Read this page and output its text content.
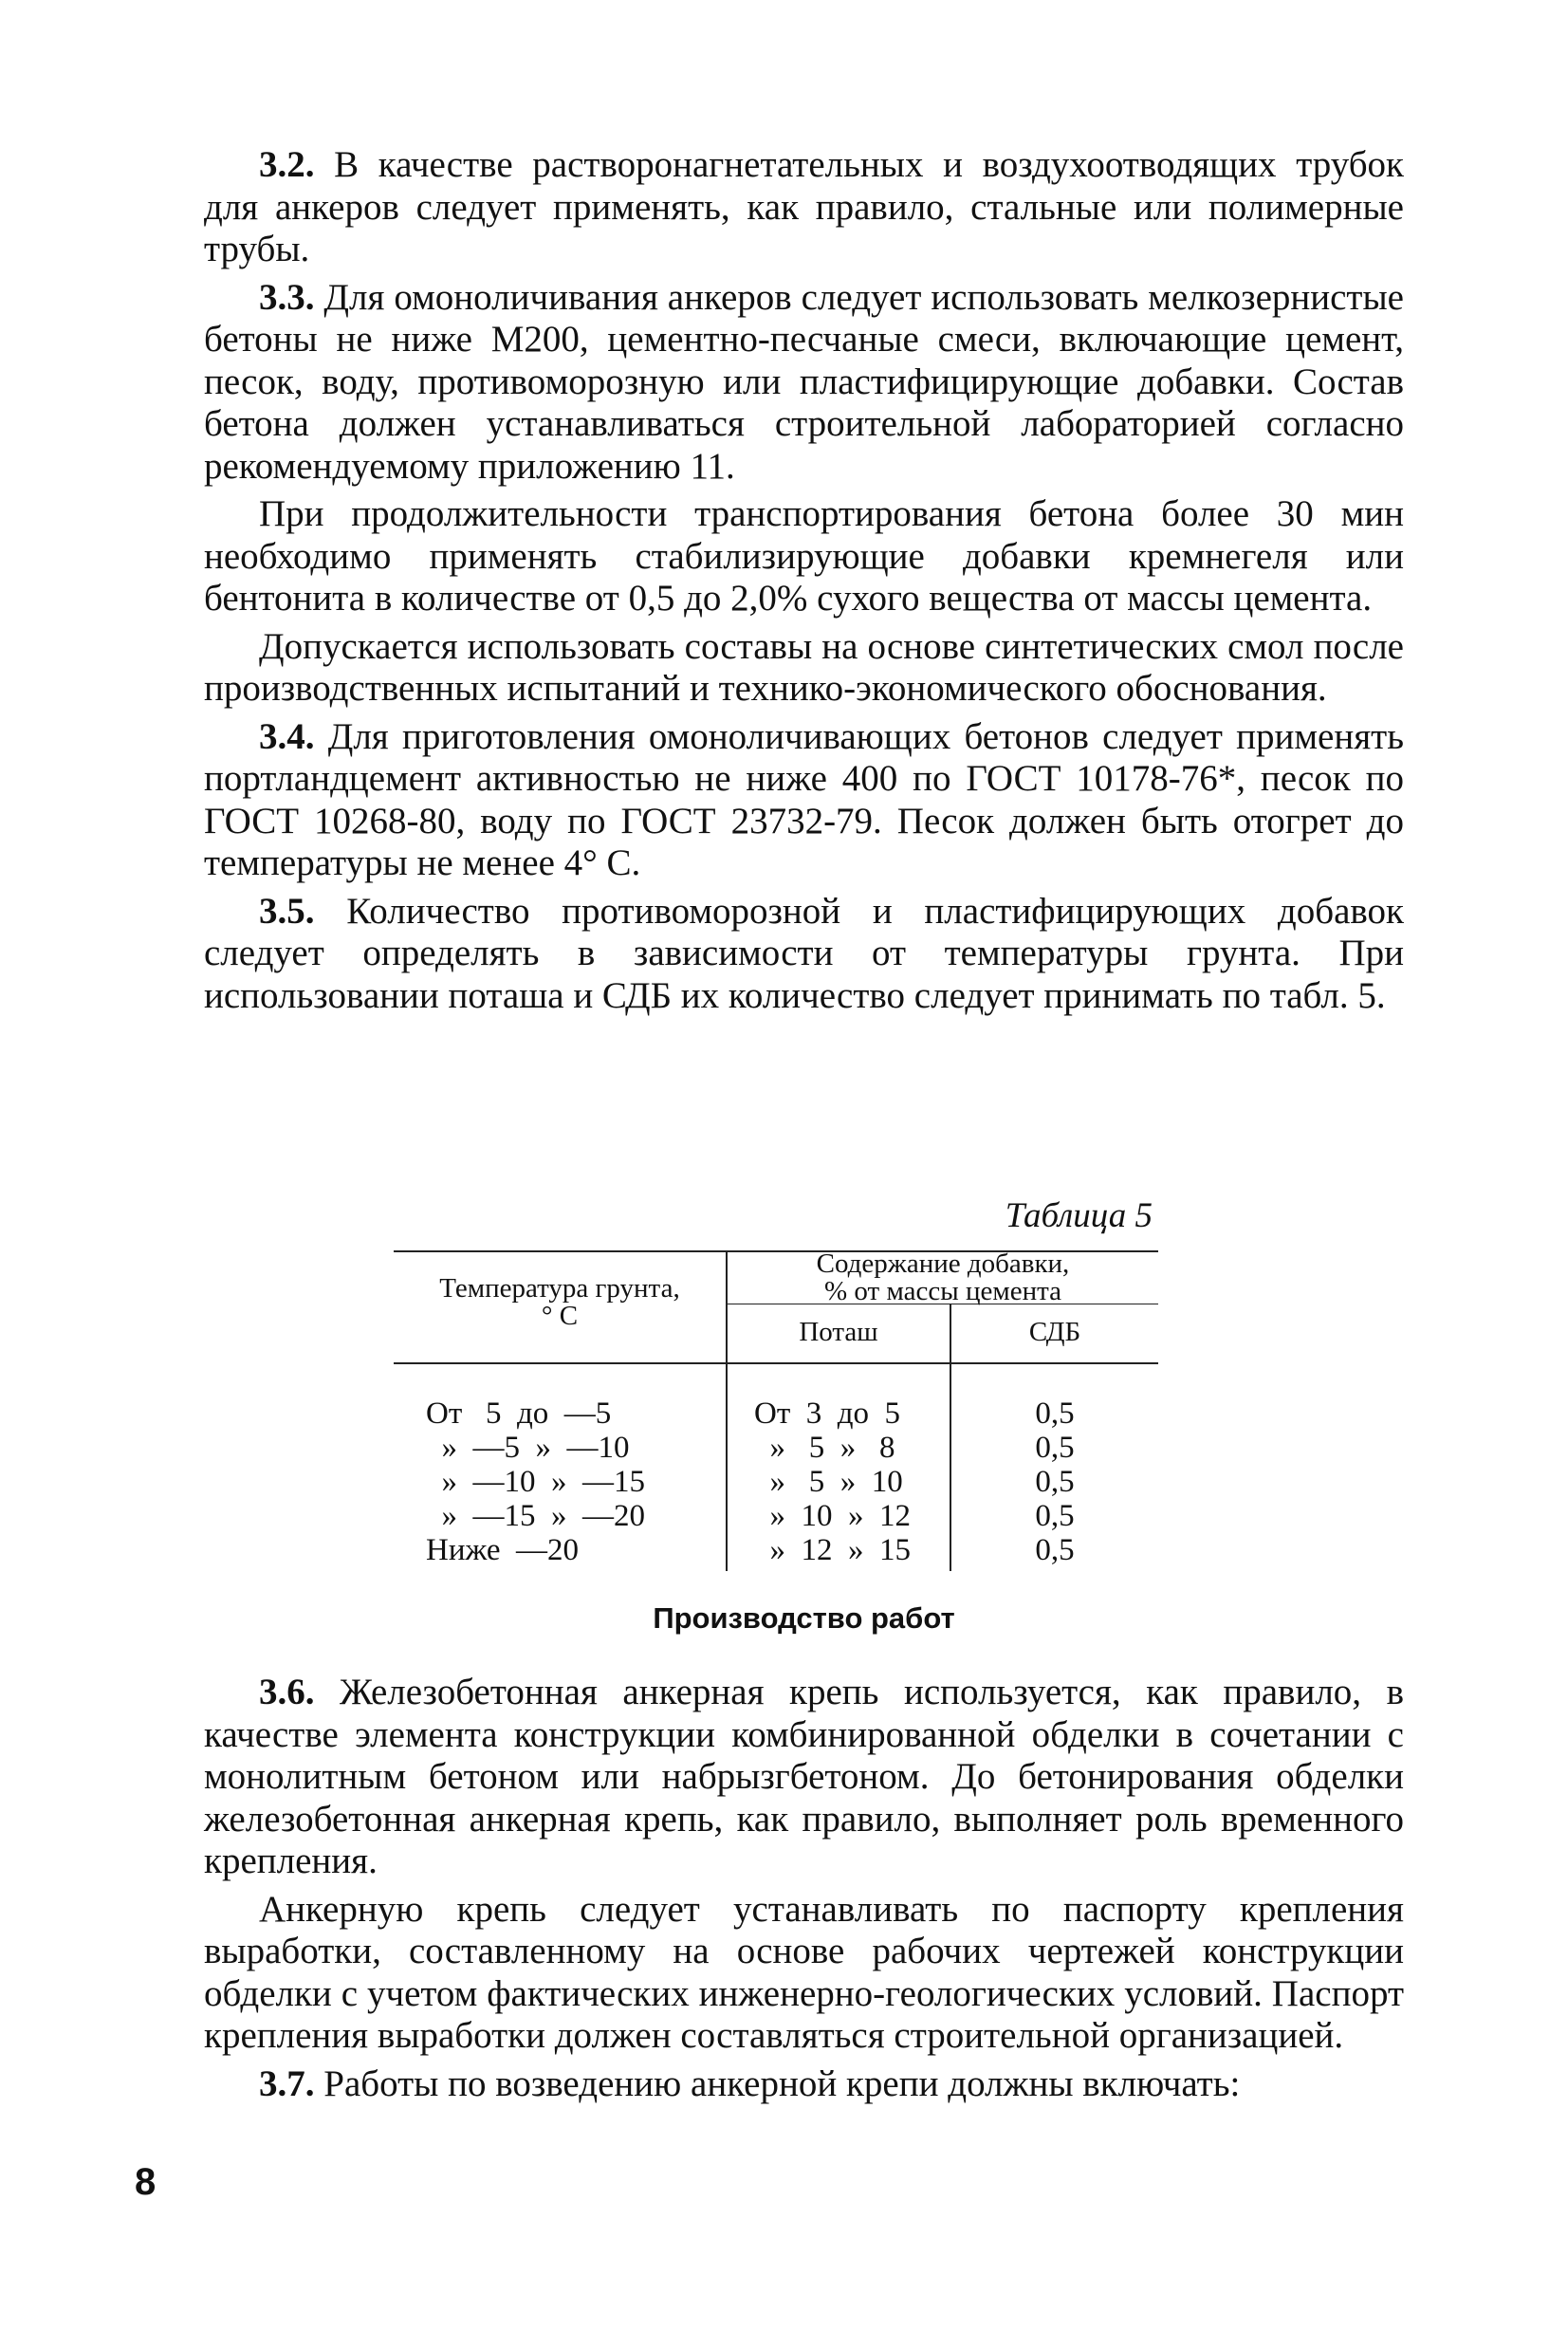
3.2. В качестве растворонагнетательных и воздухоотводящих трубок для анкеров следует применять, как правило, стальные или полимерные трубы.

3.3. Для омоноличивания анкеров следует использовать мелкозернистые бетоны не ниже М200, цементно-песчаные смеси, включающие цемент, песок, воду, противоморозную или пластифицирующие добавки. Состав бетона должен устанавливаться строительной лабораторией согласно рекомендуемому приложению 11.

При продолжительности транспортирования бетона более 30 мин необходимо применять стабилизирующие добавки кремнегеля или бентонита в количестве от 0,5 до 2,0% сухого вещества от массы цемента.

Допускается использовать составы на основе синтетических смол после производственных испытаний и технико-экономического обоснования.

3.4. Для приготовления омоноличивающих бетонов следует применять портландцемент активностью не ниже 400 по ГОСТ 10178-76*, песок по ГОСТ 10268-80, воду по ГОСТ 23732-79. Песок должен быть отогрет до температуры не менее 4° С.

3.5. Количество противоморозной и пластифицирующих добавок следует определять в зависимости от температуры грунта. При использовании поташа и СДБ их количество следует принимать по табл. 5.

Таблица 5
Температура грунта,
° С
Содержание добавки,
% от массы цемента
Поташ	СДБ
От   5  до  —5
»  —5  »  —10
»  —10  »  —15
»  —15  »  —20
Ниже  —20
От  3  до  5
»   5  »   8
»   5  »  10
»  10  »  12
»  12  »  15
0,5
0,5
0,5
0,5
0,5
Производство работ

3.6. Железобетонная анкерная крепь используется, как правило, в качестве элемента конструкции комбинированной обделки в сочетании с монолитным бетоном или набрызгбетоном. До бетонирования обделки железобетонная анкерная крепь, как правило, выполняет роль временного крепления.

Анкерную крепь следует устанавливать по паспорту крепления выработки, составленному на основе рабочих чертежей конструкции обделки с учетом фактических инженерно-геологических условий. Паспорт крепления выработки должен составляться строительной организацией.

3.7. Работы по возведению анкерной крепи должны включать:

8
